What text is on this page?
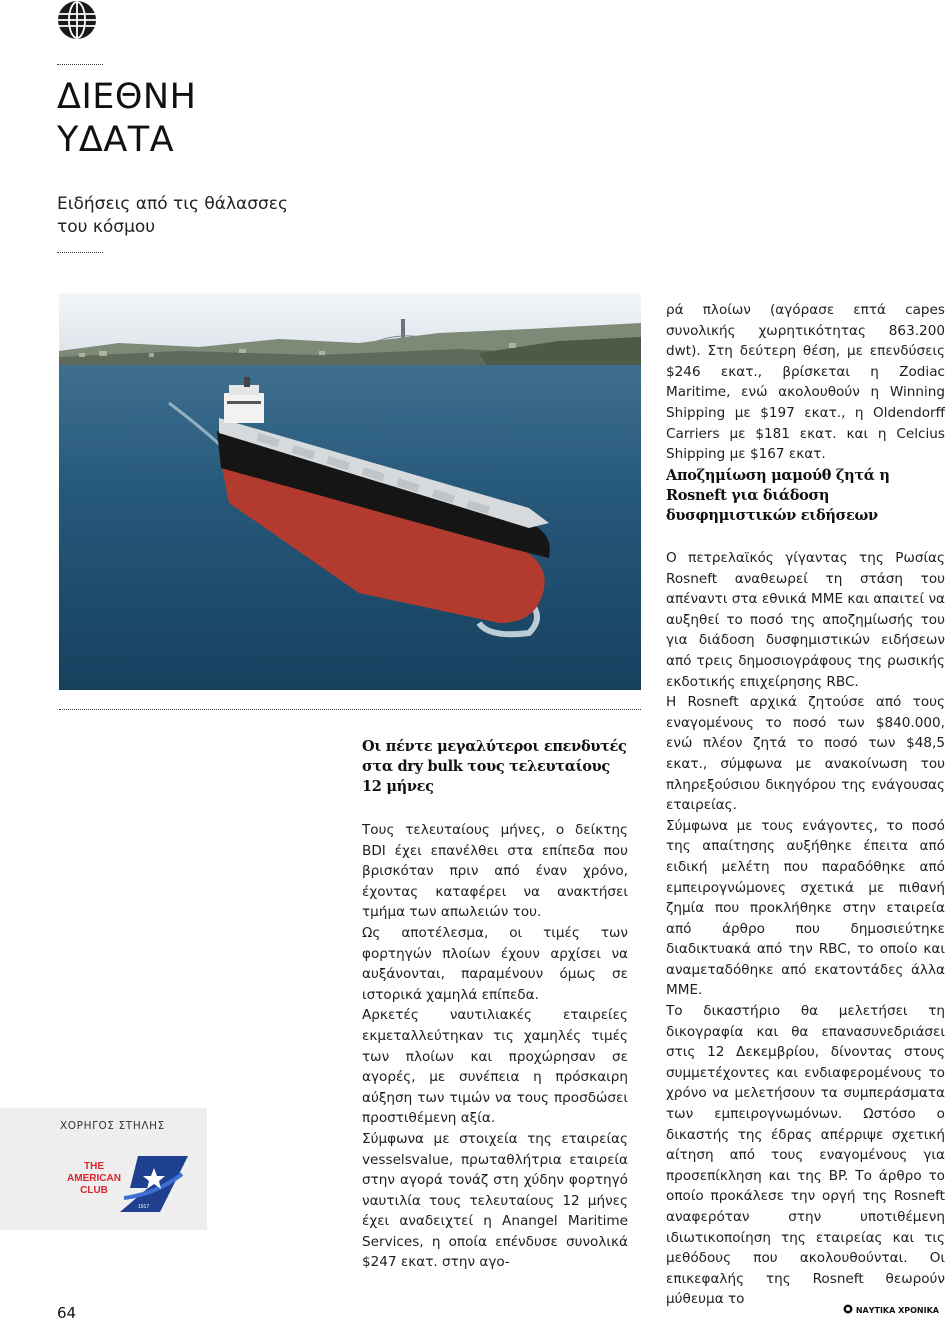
ΔΙΕΘΝΗ
ΥΔΑΤΑ
Ειδήσεις από τις θάλασσες
του κόσμου
Οι πέντε μεγαλύτεροι επενδυτές στα dry bulk τους τελευταίους 12 μήνες

Τους τελευταίους μήνες, ο δείκτης BDI έχει επανέλθει στα επίπεδα που βρισκόταν πριν από έναν χρόνο, έχοντας καταφέρει να ανακτήσει τμήμα των απωλειών του.

Ως αποτέλεσμα, οι τιμές των φορτηγών πλοίων έχουν αρχίσει να αυξάνονται, παραμένουν όμως σε ιστορικά χαμηλά επίπεδα.

Αρκετές ναυτιλιακές εταιρείες εκμεταλλεύτηκαν τις χαμηλές τιμές των πλοίων και προχώρησαν σε αγορές, με συνέπεια η πρόσκαιρη αύξηση των τιμών να τους προσδώσει προστιθέμενη αξία.

Σύμφωνα με στοιχεία της εταιρείας vesselsvalue, πρωταθλήτρια εταιρεία στην αγορά τονάζ στη χύδην φορτηγό ναυτιλία τους τελευταίους 12 μήνες έχει αναδειχτεί η Anangel Maritime Services, η οποία επένδυσε συνολικά $247 εκατ. στην αγο-

ρά πλοίων (αγόρασε επτά capes συνολικής χωρητικότητας 863.200 dwt). Στη δεύτερη θέση, με επενδύσεις $246 εκατ., βρίσκεται η Zodiac Maritime, ενώ ακολουθούν η Winning Shipping με $197 εκατ., η Oldendorff Carriers με $181 εκατ. και η Celcius Shipping με $167 εκατ.

Αποζημίωση μαμούθ ζητά η Rosneft για διάδοση δυσφημιστικών ειδήσεων

Ο πετρελαϊκός γίγαντας της Ρωσίας Rosneft αναθεωρεί τη στάση του απέναντι στα εθνικά ΜΜΕ και απαιτεί να αυξηθεί το ποσό της αποζημίωσής του για διάδοση δυσφημιστικών ειδήσεων από τρεις δημοσιογράφους της ρωσικής εκδοτικής επιχείρησης RBC.

Η Rosneft αρχικά ζητούσε από τους εναγομένους το ποσό των $840.000, ενώ πλέον ζητά το ποσό των $48,5 εκατ., σύμφωνα με ανακοίνωση του πληρεξούσιου δικηγόρου της ενάγουσας εταιρείας.

Σύμφωνα με τους ενάγοντες, το ποσό της απαίτησης αυξήθηκε έπειτα από ειδική μελέτη που παραδόθηκε από εμπειρογνώμονες σχετικά με πιθανή ζημία που προκλήθηκε στην εταιρεία από άρθρο που δημοσιεύτηκε διαδικτυακά από την RBC, το οποίο και αναμεταδόθηκε από εκατοντάδες άλλα ΜΜΕ.

Το δικαστήριο θα μελετήσει τη δικογραφία και θα επανασυνεδριάσει στις 12 Δεκεμβρίου, δίνοντας στους συμμετέχοντες και ενδιαφερομένους το χρόνο να μελετήσουν τα συμπεράσματα των εμπειρογνωμόνων. Ωστόσο ο δικαστής της έδρας απέρριψε σχετική αίτηση από τους εναγομένους για προσεπίκληση και της BP. Το άρθρο το οποίο προκάλεσε την οργή της Rosneft αναφερόταν στην υποτιθέμενη ιδιωτικοποίηση της εταιρείας και τις μεθόδους που ακολουθούνται. Οι επικεφαλής της Rosneft θεωρούν μύθευμα το

ΧΟΡΗΓΟΣ ΣΤΗΛΗΣ
THE
AMERICAN
CLUB
1917
64	ΝΑΥΤΙΚΑ ΧΡΟΝΙΚΑ
